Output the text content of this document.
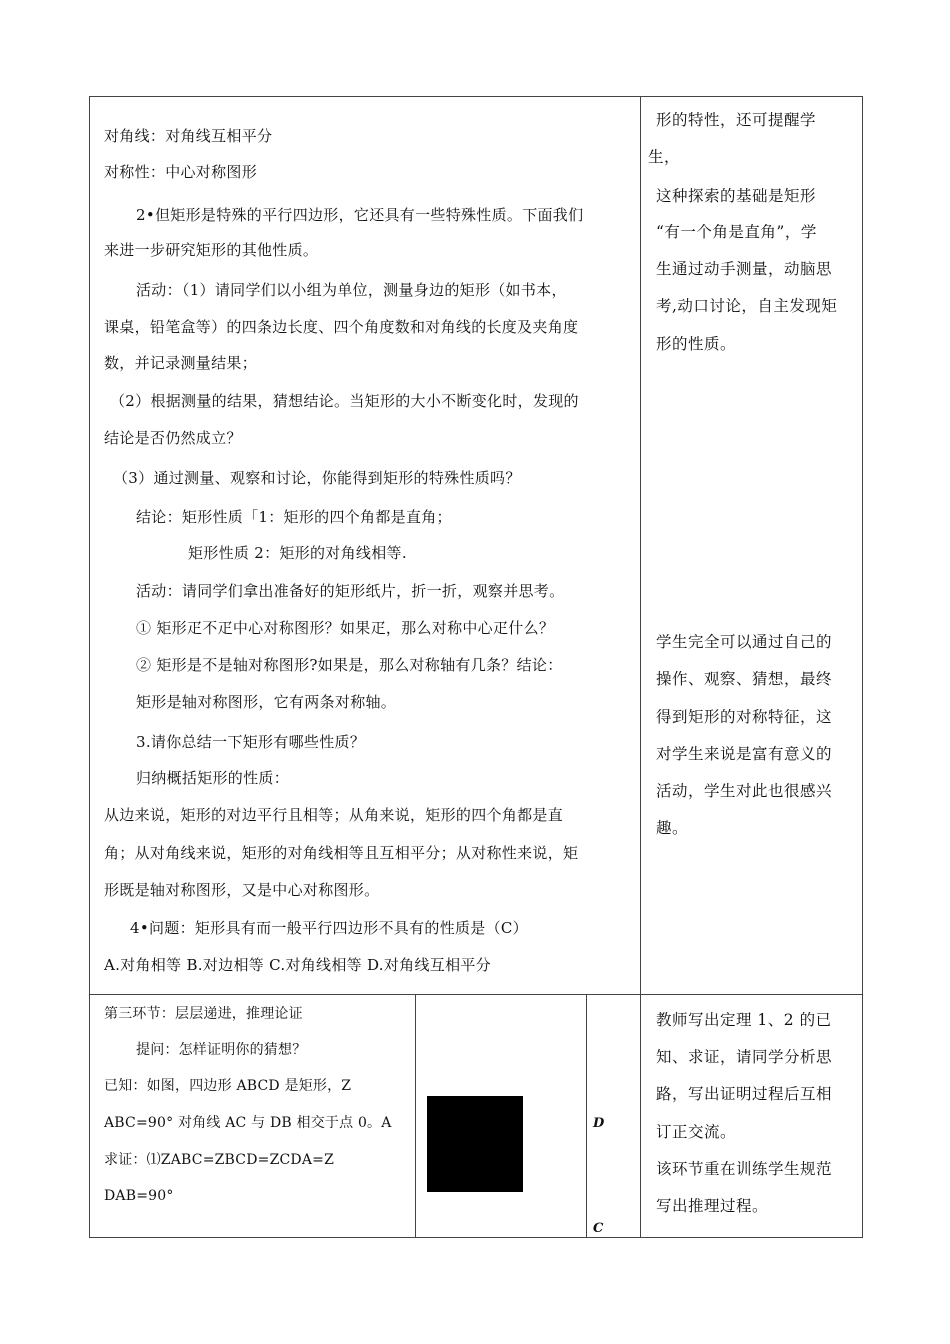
对角线：对角线互相平分
对称性：中心对称图形
2•但矩形是特殊的平行四边形，它还具有一些特殊性质。下面我们
来进一步研究矩形的其他性质。
活动：（1）请同学们以小组为单位，测量身边的矩形（如书本，
课桌，铅笔盒等）的四条边长度、四个角度数和对角线的长度及夹角度
数，并记录测量结果；
（2）根据测量的结果，猜想结论。当矩形的大小不断变化时，发现的
结论是否仍然成立？
（3）通过测量、观察和讨论，你能得到矩形的特殊性质吗？
结论：矩形性质「1：矩形的四个角都是直角；
矩形性质 2：矩形的对角线相等.
活动：请同学们拿出准备好的矩形纸片，折一折，观察并思考。
① 矩形疋不疋中心对称图形？如果疋，那么对称中心疋什么？
② 矩形是不是轴对称图形?如果是，那么对称轴有几条？结论：
矩形是轴对称图形，它有两条对称轴。
3.请你总结一下矩形有哪些性质？
归纳概括矩形的性质：
从边来说，矩形的对边平行且相等；从角来说，矩形的四个角都是直
角；从对角线来说，矩形的对角线相等且互相平分；从对称性来说，矩
形既是轴对称图形，又是中心对称图形。
4•问题：矩形具有而一般平行四边形不具有的性质是（C）
A.对角相等 B.对边相等 C.对角线相等 D.对角线互相平分
形的特性，还可提醒学
生，
这种探索的基础是矩形
“有一个角是直角”，学
生通过动手测量，动脑思
考,动口讨论，自主发现矩
形的性质。
学生完全可以通过自己的
操作、观察、猜想，最终
得到矩形的对称特征，这
对学生来说是富有意义的
活动，学生对此也很感兴
趣。
第三环节：层层递进，推理论证
提问：怎样证明你的猜想？
已知：如图，四边形 ABCD 是矩形，Z
ABC=90° 对角线 AC 与 DB 相交于点 0。A
求证：⑴ZABC=ZBCD=ZCDA=Z
DAB=90°
D
C
教师写出定理 1、2 的已
知、求证，请同学分析思
路，写出证明过程后互相
订正交流。
该环节重在训练学生规范
写出推理过程。
